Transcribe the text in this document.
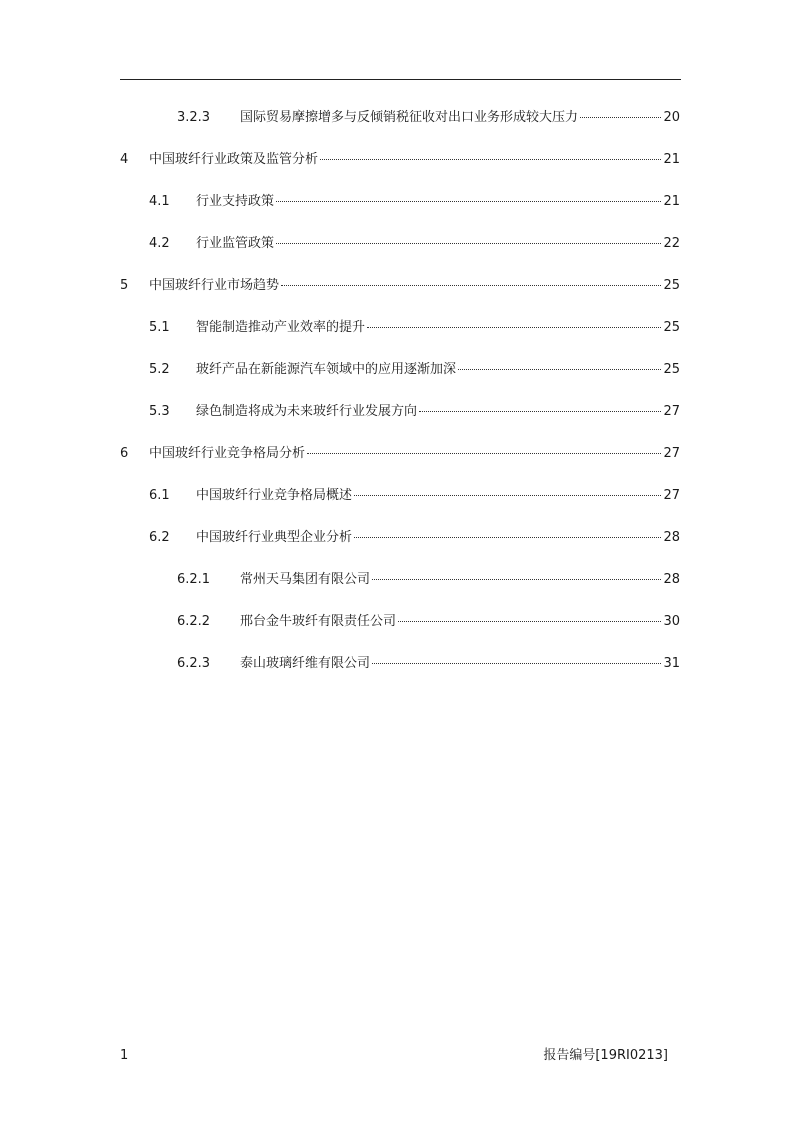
3.2.3	国际贸易摩擦增多与反倾销税征收对出口业务形成较大压力	20
4	中国玻纤行业政策及监管分析	21
4.1	行业支持政策	21
4.2	行业监管政策	22
5	中国玻纤行业市场趋势	25
5.1	智能制造推动产业效率的提升	25
5.2	玻纤产品在新能源汽车领域中的应用逐渐加深	25
5.3	绿色制造将成为未来玻纤行业发展方向	27
6	中国玻纤行业竞争格局分析	27
6.1	中国玻纤行业竞争格局概述	27
6.2	中国玻纤行业典型企业分析	28
6.2.1	常州天马集团有限公司	28
6.2.2	邢台金牛玻纤有限责任公司	30
6.2.3	泰山玻璃纤维有限公司	31
1	报告编号[19RI0213]
